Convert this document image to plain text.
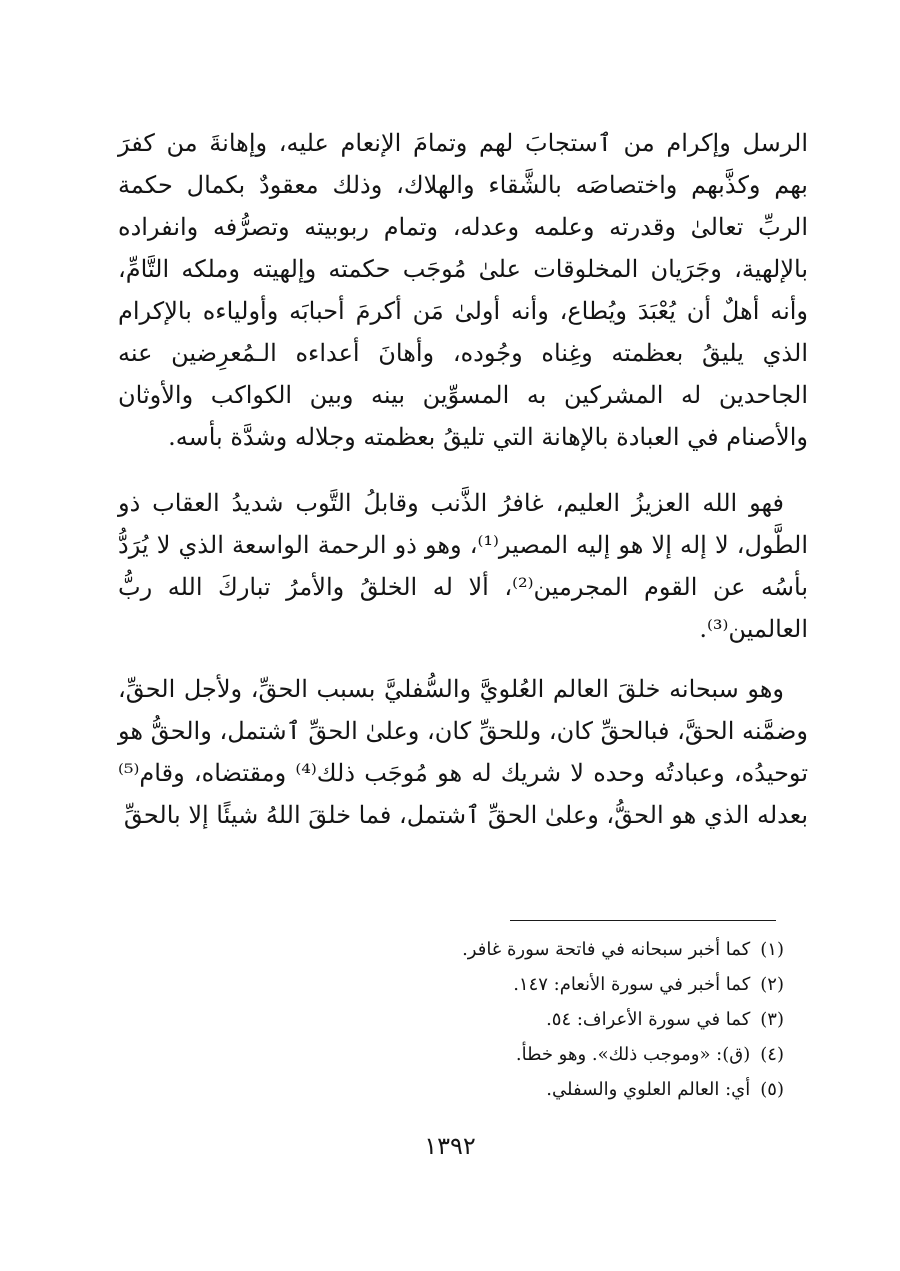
الرسل وإكرام من ٱستجابَ لهم وتمامَ الإنعام عليه، وإهانةَ من كفرَ بهم وكذَّبهم واختصاصَه بالشَّقاء والهلاك، وذلك معقودٌ بكمال حكمة الربِّ تعالىٰ وقدرته وعلمه وعدله، وتمام ربوبيته وتصرُّفه وانفراده بالإلهية، وجَرَيان المخلوقات علىٰ مُوجَب حكمته وإلهيته وملكه التَّامِّ، وأنه أهلٌ أن يُعْبَدَ ويُطاع، وأنه أولىٰ مَن أكرمَ أحبابَه وأولياءه بالإكرام الذي يليقُ بعظمته وغِناه وجُوده، وأهانَ أعداءه الـمُعرِضين عنه الجاحدين له المشركين به المسوِّين بينه وبين الكواكب والأوثان والأصنام في العبادة بالإهانة التي تليقُ بعظمته وجلاله وشدَّة بأسه.

فهو الله العزيزُ العليم، غافرُ الذَّنب وقابلُ التَّوب شديدُ العقاب ذو الطَّول، لا إله إلا هو إليه المصير⁽¹⁾، وهو ذو الرحمة الواسعة الذي لا يُرَدُّ بأسُه عن القوم المجرمين⁽²⁾، ألا له الخلقُ والأمرُ تباركَ الله ربُّ العالمين⁽³⁾.

وهو سبحانه خلقَ العالم العُلويَّ والسُّفليَّ بسبب الحقِّ، ولأجل الحقِّ، وضمَّنه الحقَّ، فبالحقِّ كان، وللحقِّ كان، وعلىٰ الحقِّ ٱشتمل، والحقُّ هو توحيدُه، وعبادتُه وحده لا شريك له هو مُوجَب ذلك⁽⁴⁾ ومقتضاه، وقام⁽⁵⁾ بعدله الذي هو الحقُّ، وعلىٰ الحقِّ ٱشتمل، فما خلقَ اللهُ شيئًا إلا بالحقِّ

(١)كما أخبر سبحانه في فاتحة سورة غافر.
(٢)كما أخبر في سورة الأنعام: ١٤٧.
(٣)كما في سورة الأعراف: ٥٤.
(٤)(ق): «وموجب ذلك». وهو خطأ.
(٥)أي: العالم العلوي والسفلي.
١٣٩٢
